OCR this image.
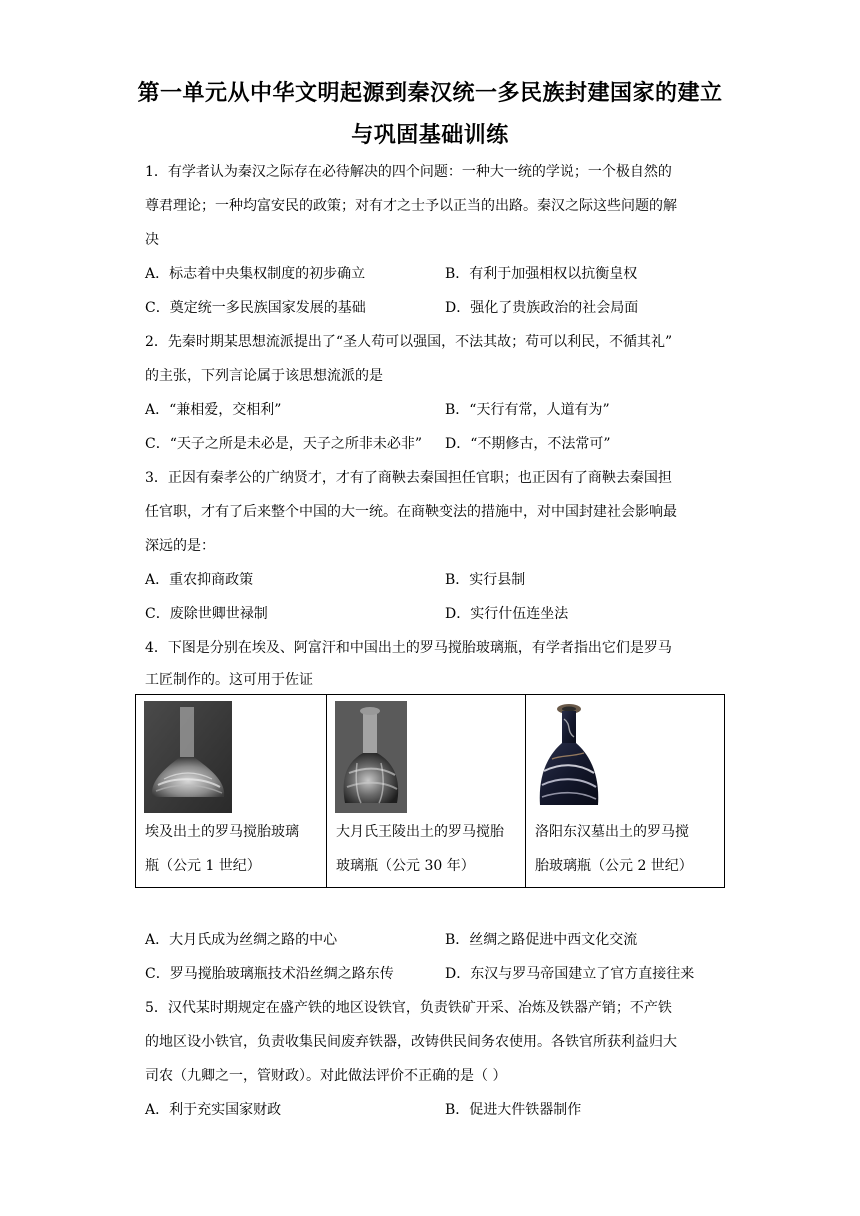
第一单元从中华文明起源到秦汉统一多民族封建国家的建立
与巩固基础训练
1．有学者认为秦汉之际存在必待解决的四个问题：一种大一统的学说；一个极自然的
尊君理论；一种均富安民的政策；对有才之士予以正当的出路。秦汉之际这些问题的解
决
A．标志着中央集权制度的初步确立	B．有利于加强相权以抗衡皇权
C．奠定统一多民族国家发展的基础	D．强化了贵族政治的社会局面
2．先秦时期某思想流派提出了“圣人苟可以强国，不法其故；苟可以利民，不循其礼”
的主张，下列言论属于该思想流派的是
A．“兼相爱，交相利”	B．“天行有常，人道有为”
C．“天子之所是未必是，天子之所非未必非” D．“不期修古，不法常可”
3．正因有秦孝公的广纳贤才，才有了商鞅去秦国担任官职；也正因有了商鞅去秦国担
任官职，才有了后来整个中国的大一统。在商鞅变法的措施中，对中国封建社会影响最
深远的是：
A．重农抑商政策	B．实行县制
C．废除世卿世禄制	D．实行什伍连坐法
4．下图是分别在埃及、阿富汗和中国出土的罗马搅胎玻璃瓶，有学者指出它们是罗马
工匠制作的。这可用于佐证
埃及出土的罗马搅胎玻璃
瓶（公元 1 世纪）

大月氏王陵出土的罗马搅胎
玻璃瓶（公元 30 年）

洛阳东汉墓出土的罗马搅
胎玻璃瓶（公元 2 世纪）
A．大月氏成为丝绸之路的中心	B．丝绸之路促进中西文化交流
C．罗马搅胎玻璃瓶技术沿丝绸之路东传	D．东汉与罗马帝国建立了官方直接往来
5．汉代某时期规定在盛产铁的地区设铁官，负责铁矿开采、冶炼及铁器产销；不产铁
的地区设小铁官，负责收集民间废弃铁器，改铸供民间务农使用。各铁官所获利益归大
司农（九卿之一，管财政）。对此做法评价不正确的是（ ）
A．利于充实国家财政	B．促进大件铁器制作
